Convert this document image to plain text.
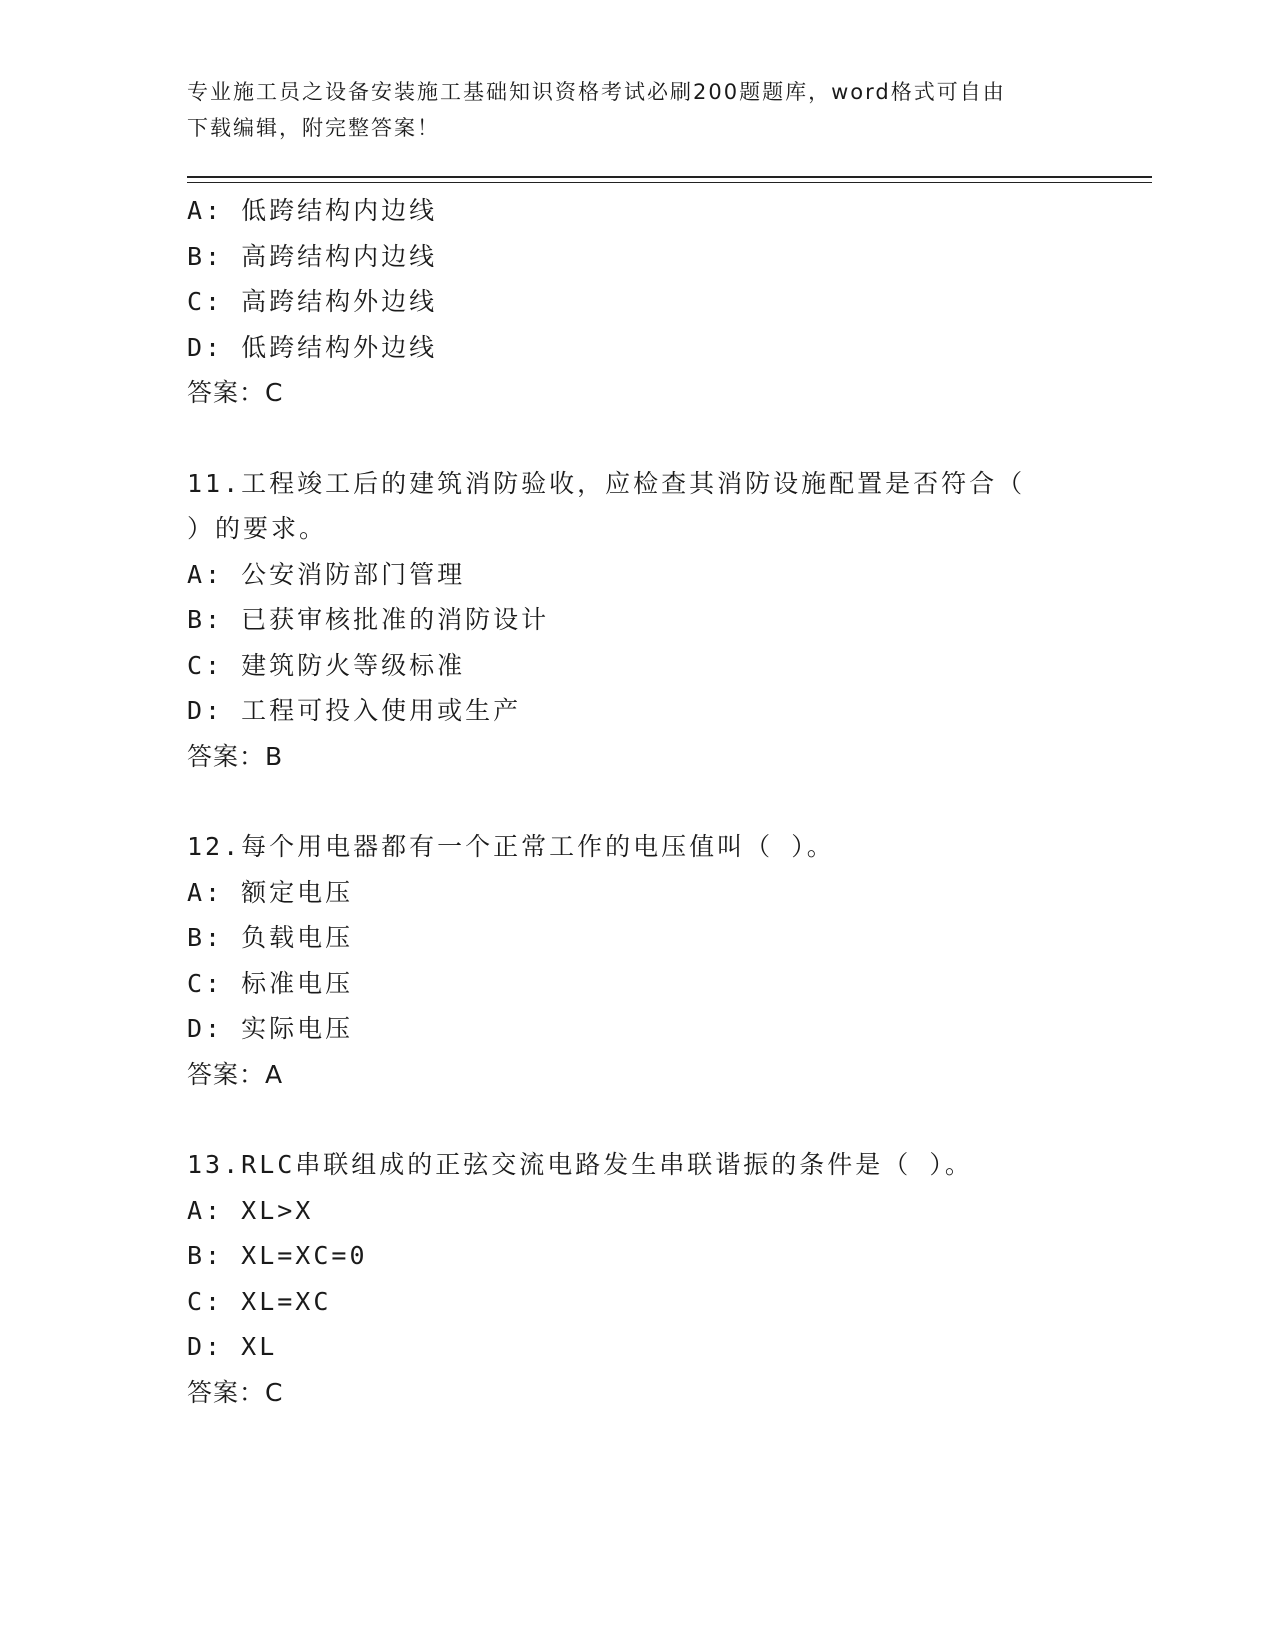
专业施工员之设备安装施工基础知识资格考试必刷200题题库，word格式可自由
下载编辑，附完整答案！
A: 低跨结构内边线
B: 高跨结构内边线
C: 高跨结构外边线
D: 低跨结构外边线
答案：C
11.工程竣工后的建筑消防验收，应检查其消防设施配置是否符合（
）的要求。
A: 公安消防部门管理
B: 已获审核批准的消防设计
C: 建筑防火等级标准
D: 工程可投入使用或生产
答案：B
12.每个用电器都有一个正常工作的电压值叫（ ）。
A: 额定电压
B: 负载电压
C: 标准电压
D: 实际电压
答案：A
13.RLC串联组成的正弦交流电路发生串联谐振的条件是（ ）。
A: XL>X
B: XL=XC=0
C: XL=XC
D: XL
答案：C
